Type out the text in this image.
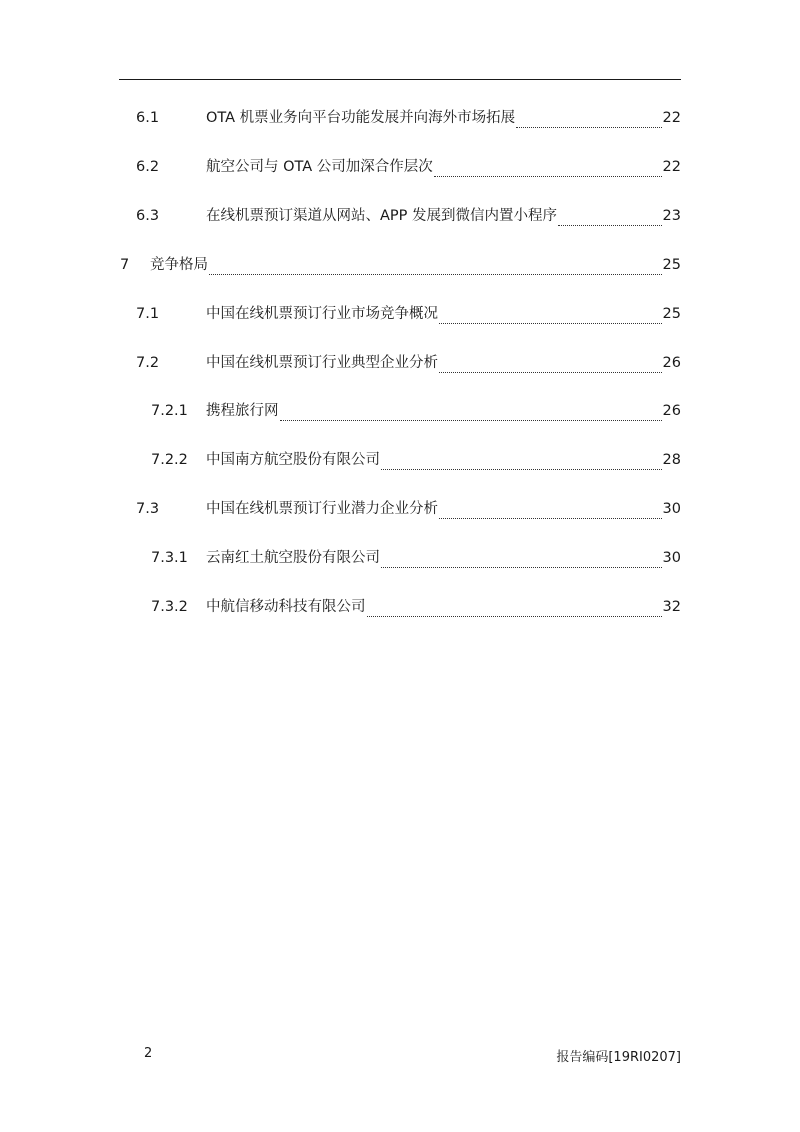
6.1	OTA 机票业务向平台功能发展并向海外市场拓展	22
6.2	航空公司与 OTA 公司加深合作层次	22
6.3	在线机票预订渠道从网站、APP 发展到微信内置小程序	23
7	竞争格局	25
7.1	中国在线机票预订行业市场竞争概况	25
7.2	中国在线机票预订行业典型企业分析	26
7.2.1	携程旅行网	26
7.2.2	中国南方航空股份有限公司	28
7.3	中国在线机票预订行业潜力企业分析	30
7.3.1	云南红土航空股份有限公司	30
7.3.2	中航信移动科技有限公司	32
2	报告编码[19RI0207]
